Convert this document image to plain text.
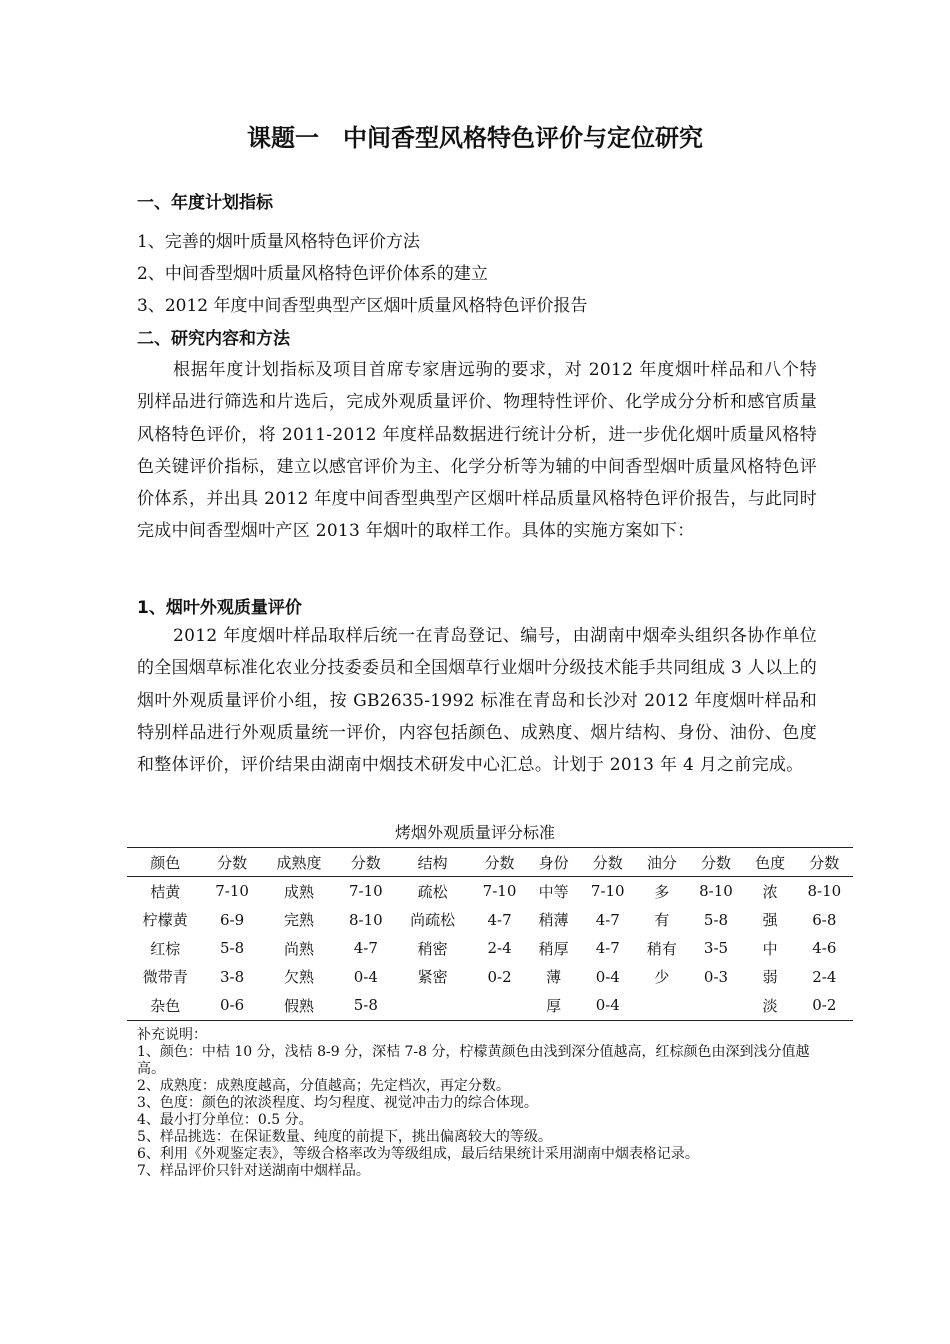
课题一　中间香型风格特色评价与定位研究
一、年度计划指标
1、完善的烟叶质量风格特色评价方法
2、中间香型烟叶质量风格特色评价体系的建立
3、2012 年度中间香型典型产区烟叶质量风格特色评价报告
二、研究内容和方法

根据年度计划指标及项目首席专家唐远驹的要求，对 2012 年度烟叶样品和八个特别样品进行筛选和片选后，完成外观质量评价、物理特性评价、化学成分分析和感官质量风格特色评价，将 2011-2012 年度样品数据进行统计分析，进一步优化烟叶质量风格特色关键评价指标，建立以感官评价为主、化学分析等为辅的中间香型烟叶质量风格特色评价体系，并出具 2012 年度中间香型典型产区烟叶样品质量风格特色评价报告，与此同时完成中间香型烟叶产区 2013 年烟叶的取样工作。具体的实施方案如下：

1、烟叶外观质量评价

2012 年度烟叶样品取样后统一在青岛登记、编号，由湖南中烟牵头组织各协作单位的全国烟草标准化农业分技委委员和全国烟草行业烟叶分级技术能手共同组成 3 人以上的烟叶外观质量评价小组，按 GB2635-1992 标准在青岛和长沙对 2012 年度烟叶样品和特别样品进行外观质量统一评价，内容包括颜色、成熟度、烟片结构、身份、油份、色度和整体评价，评价结果由湖南中烟技术研发中心汇总。计划于 2013 年 4 月之前完成。

烤烟外观质量评分标准
颜色	分数	成熟度	分数	结构	分数	身份	分数	油分	分数	色度	分数
桔黄	7-10	成熟	7-10	疏松	7-10	中等	7-10	多	8-10	浓	8-10
柠檬黄	6-9	完熟	8-10	尚疏松	4-7	稍薄	4-7	有	5-8	强	6-8
红棕	5-8	尚熟	4-7	稍密	2-4	稍厚	4-7	稍有	3-5	中	4-6
微带青	3-8	欠熟	0-4	紧密	0-2	薄	0-4	少	0-3	弱	2-4
杂色	0-6	假熟	5-8			厚	0-4			淡	0-2
补充说明：
1、颜色：中桔 10 分，浅桔 8-9 分，深桔 7-8 分，柠檬黄颜色由浅到深分值越高，红棕颜色由深到浅分值越高。
2、成熟度：成熟度越高，分值越高；先定档次，再定分数。
3、色度：颜色的浓淡程度、均匀程度、视觉冲击力的综合体现。
4、最小打分单位：0.5 分。
5、样品挑选：在保证数量、纯度的前提下，挑出偏离较大的等级。
6、利用《外观鉴定表》，等级合格率改为等级组成，最后结果统计采用湖南中烟表格记录。
7、样品评价只针对送湖南中烟样品。
